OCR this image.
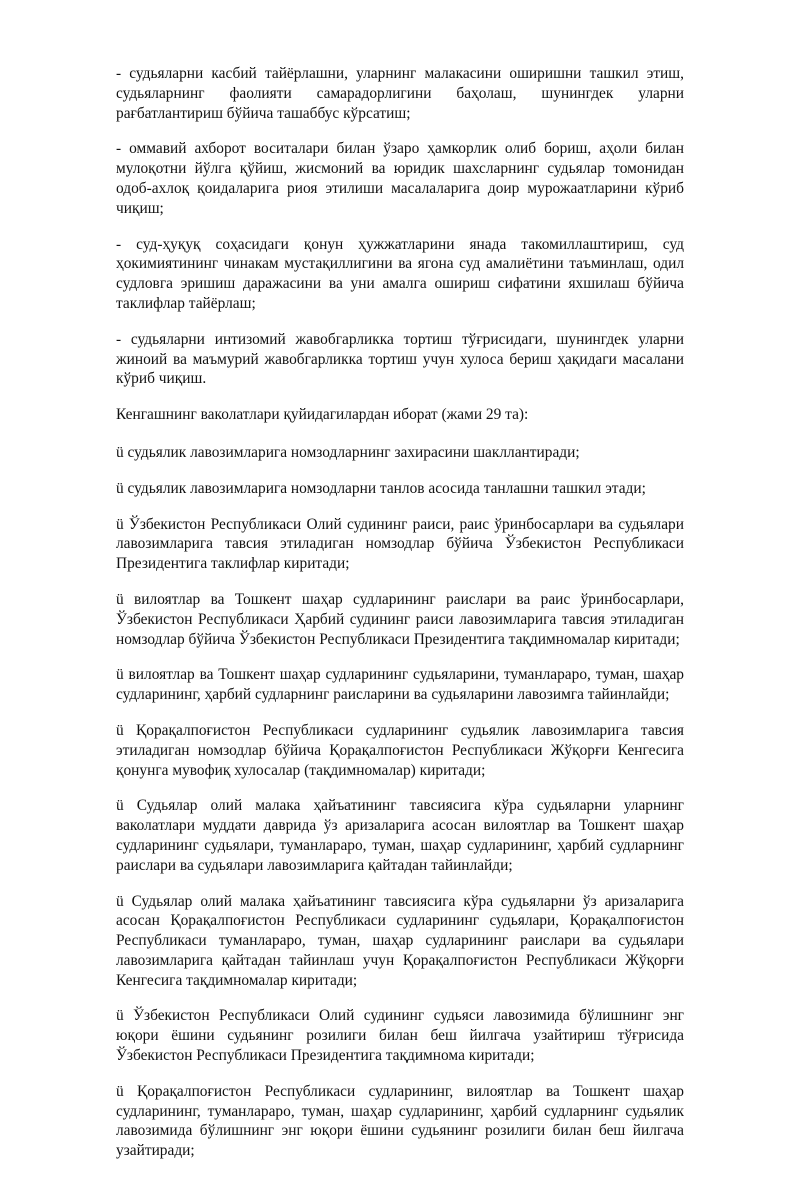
- судьяларни касбий тайёрлашни, уларнинг малакасини оширишни ташкил этиш, судьяларнинг фаолияти самарадорлигини баҳолаш, шунингдек уларни рағбатлантириш бўйича ташаббус кўрсатиш;

- оммавий ахборот воситалари билан ўзаро ҳамкорлик олиб бориш, аҳоли билан мулоқотни йўлга қўйиш, жисмоний ва юридик шахсларнинг судьялар томонидан одоб-ахлоқ қоидаларига риоя этилиши масалаларига доир мурожаатларини кўриб чиқиш;

- суд-ҳуқуқ соҳасидаги қонун ҳужжатларини янада такомиллаштириш, суд ҳокимиятининг чинакам мустақиллигини ва ягона суд амалиётини таъминлаш, одил судловга эришиш даражасини ва уни амалга ошириш сифатини яхшилаш бўйича таклифлар тайёрлаш;

- судьяларни интизомий жавобгарликка тортиш тўғрисидаги, шунингдек уларни жиноий ва маъмурий жавобгарликка тортиш учун хулоса бериш ҳақидаги масалани кўриб чиқиш.

Кенгашнинг ваколатлари қуйидагилардан иборат (жами 29 та):

ü судьялик лавозимларига номзодларнинг захирасини шакллантиради;

ü судьялик лавозимларига номзодларни танлов асосида танлашни ташкил этади;

ü Ўзбекистон Республикаси Олий судининг раиси, раис ўринбосарлари ва судьялари лавозимларига тавсия этиладиган номзодлар бўйича Ўзбекистон Республикаси Президентига таклифлар киритади;

ü вилоятлар ва Тошкент шаҳар судларининг раислари ва раис ўринбосарлари, Ўзбекистон Республикаси Ҳарбий судининг раиси лавозимларига тавсия этиладиган номзодлар бўйича Ўзбекистон Республикаси Президентига тақдимномалар киритади;

ü вилоятлар ва Тошкент шаҳар судларининг судьяларини, туманлараро, туман, шаҳар судларининг, ҳарбий судларнинг раисларини ва судьяларини лавозимга тайинлайди;

ü Қорақалпоғистон Республикаси судларининг судьялик лавозимларига тавсия этиладиган номзодлар бўйича Қорақалпоғистон Республикаси Жўқорғи Кенгесига қонунга мувофиқ хулосалар (тақдимномалар) киритади;

ü Судьялар олий малака ҳайъатининг тавсиясига кўра судьяларни уларнинг ваколатлари муддати даврида ўз аризаларига асосан вилоятлар ва Тошкент шаҳар судларининг судьялари, туманлараро, туман, шаҳар судларининг, ҳарбий судларнинг раислари ва судьялари лавозимларига қайтадан тайинлайди;

ü Судьялар олий малака ҳайъатининг тавсиясига кўра судьяларни ўз аризаларига асосан Қорақалпоғистон Республикаси судларининг судьялари, Қорақалпоғистон Республикаси туманлараро, туман, шаҳар судларининг раислари ва судьялари лавозимларига қайтадан тайинлаш учун Қорақалпоғистон Республикаси Жўқорғи Кенгесига тақдимномалар киритади;

ü Ўзбекистон Республикаси Олий судининг судьяси лавозимида бўлишнинг энг юқори ёшини судьянинг розилиги билан беш йилгача узайтириш тўғрисида Ўзбекистон Республикаси Президентига тақдимнома киритади;

ü Қорақалпоғистон Республикаси судларининг, вилоятлар ва Тошкент шаҳар судларининг, туманлараро, туман, шаҳар судларининг, ҳарбий судларнинг судьялик лавозимида бўлишнинг энг юқори ёшини судьянинг розилиги билан беш йилгача узайтиради;
